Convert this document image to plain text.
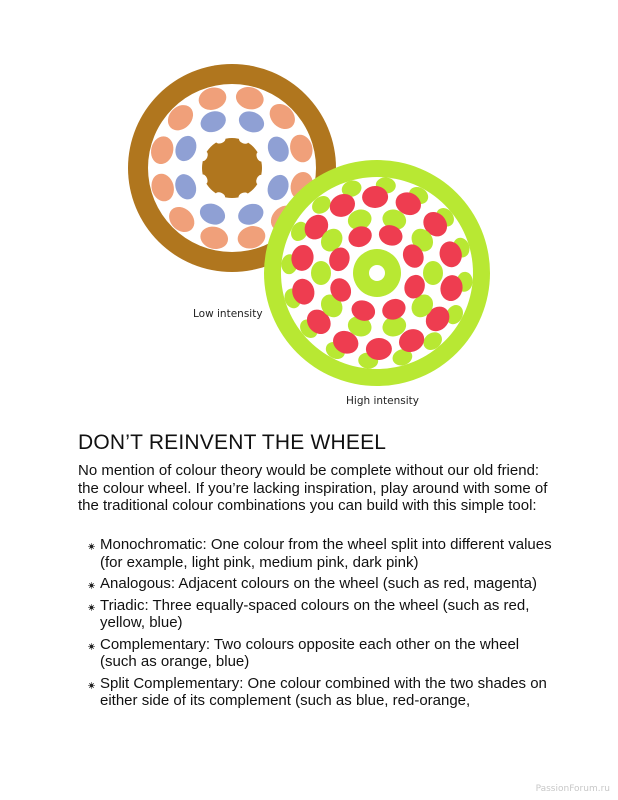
Low intensity
High intensity
DON’T REINVENT THE WHEEL

No mention of colour theory would be complete without our old friend: the colour wheel. If you’re lacking inspiration, play around with some of the traditional colour combinations you can build with this simple tool:

Monochromatic: One colour from the wheel split into different values (for example, light pink, medium pink, dark pink)
Analogous: Adjacent colours on the wheel (such as red, magenta)
Triadic: Three equally-spaced colours on the wheel (such as red, yellow, blue)
Complementary: Two colours opposite each other on the wheel (such as orange, blue)
Split Complementary: One colour combined with the two shades on either side of its complement (such as blue, red-orange,
PassionForum.ru
